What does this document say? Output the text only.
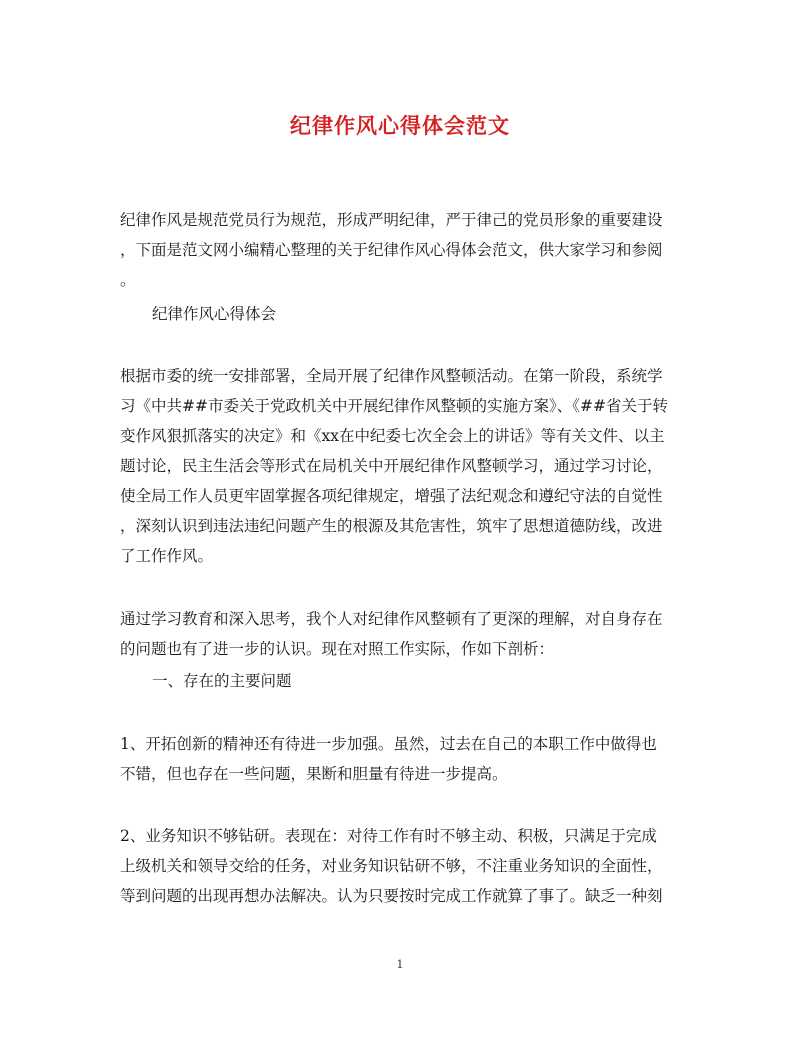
纪律作风心得体会范文

纪律作风是规范党员行为规范，形成严明纪律，严于律己的党员形象的重要建设

，下面是范文网小编精心整理的关于纪律作风心得体会范文，供大家学习和参阅

。

纪律作风心得体会

根据市委的统一安排部署，全局开展了纪律作风整顿活动。在第一阶段，系统学

习《中共##市委关于党政机关中开展纪律作风整顿的实施方案》、《##省关于转

变作风狠抓落实的决定》和《xx在中纪委七次全会上的讲话》等有关文件、以主

题讨论，民主生活会等形式在局机关中开展纪律作风整顿学习，通过学习讨论，

使全局工作人员更牢固掌握各项纪律规定，增强了法纪观念和遵纪守法的自觉性

，深刻认识到违法违纪问题产生的根源及其危害性，筑牢了思想道德防线，改进

了工作作风。

通过学习教育和深入思考，我个人对纪律作风整顿有了更深的理解，对自身存在

的问题也有了进一步的认识。现在对照工作实际，作如下剖析：

一、存在的主要问题

1、开拓创新的精神还有待进一步加强。虽然，过去在自己的本职工作中做得也

不错，但也存在一些问题，果断和胆量有待进一步提高。

2、业务知识不够钻研。表现在：对待工作有时不够主动、积极，只满足于完成

上级机关和领导交给的任务，对业务知识钻研不够，不注重业务知识的全面性，

等到问题的出现再想办法解决。认为只要按时完成工作就算了事了。缺乏一种刻

1
